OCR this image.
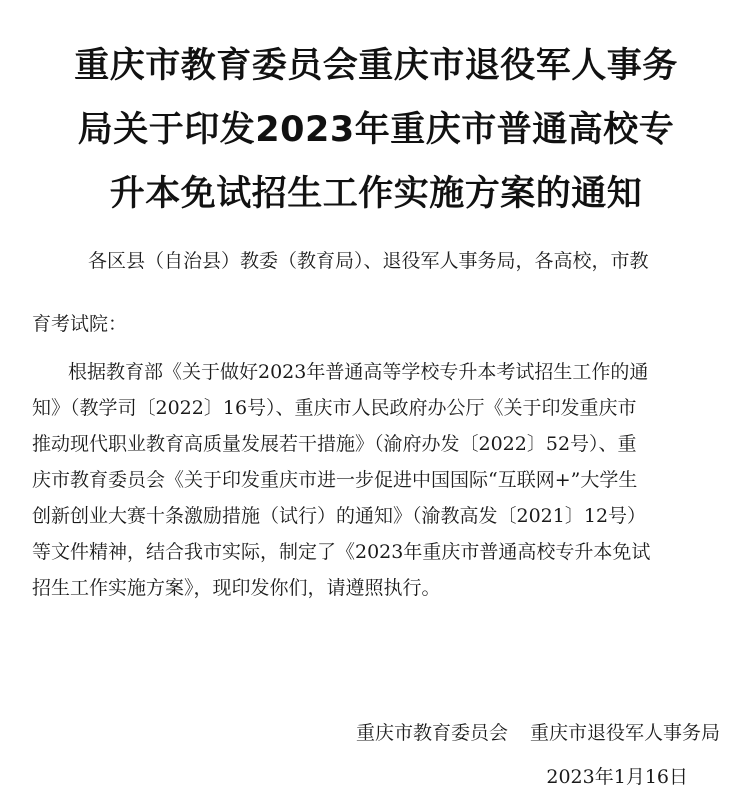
重庆市教育委员会重庆市退役军人事务
局关于印发2023年重庆市普通高校专
升本免试招生工作实施方案的通知
各区县（自治县）教委（教育局）、退役军人事务局，各高校，市教
育考试院：
根据教育部《关于做好2023年普通高等学校专升本考试招生工作的通
知》（教学司〔2022〕16号）、重庆市人民政府办公厅《关于印发重庆市
推动现代职业教育高质量发展若干措施》（渝府办发〔2022〕52号）、重
庆市教育委员会《关于印发重庆市进一步促进中国国际“互联网+”大学生
创新创业大赛十条激励措施（试行）的通知》（渝教高发〔2021〕12号）
等文件精神，结合我市实际，制定了《2023年重庆市普通高校专升本免试
招生工作实施方案》，现印发你们，请遵照执行。
重庆市教育委员会 重庆市退役军人事务局
2023年1月16日
